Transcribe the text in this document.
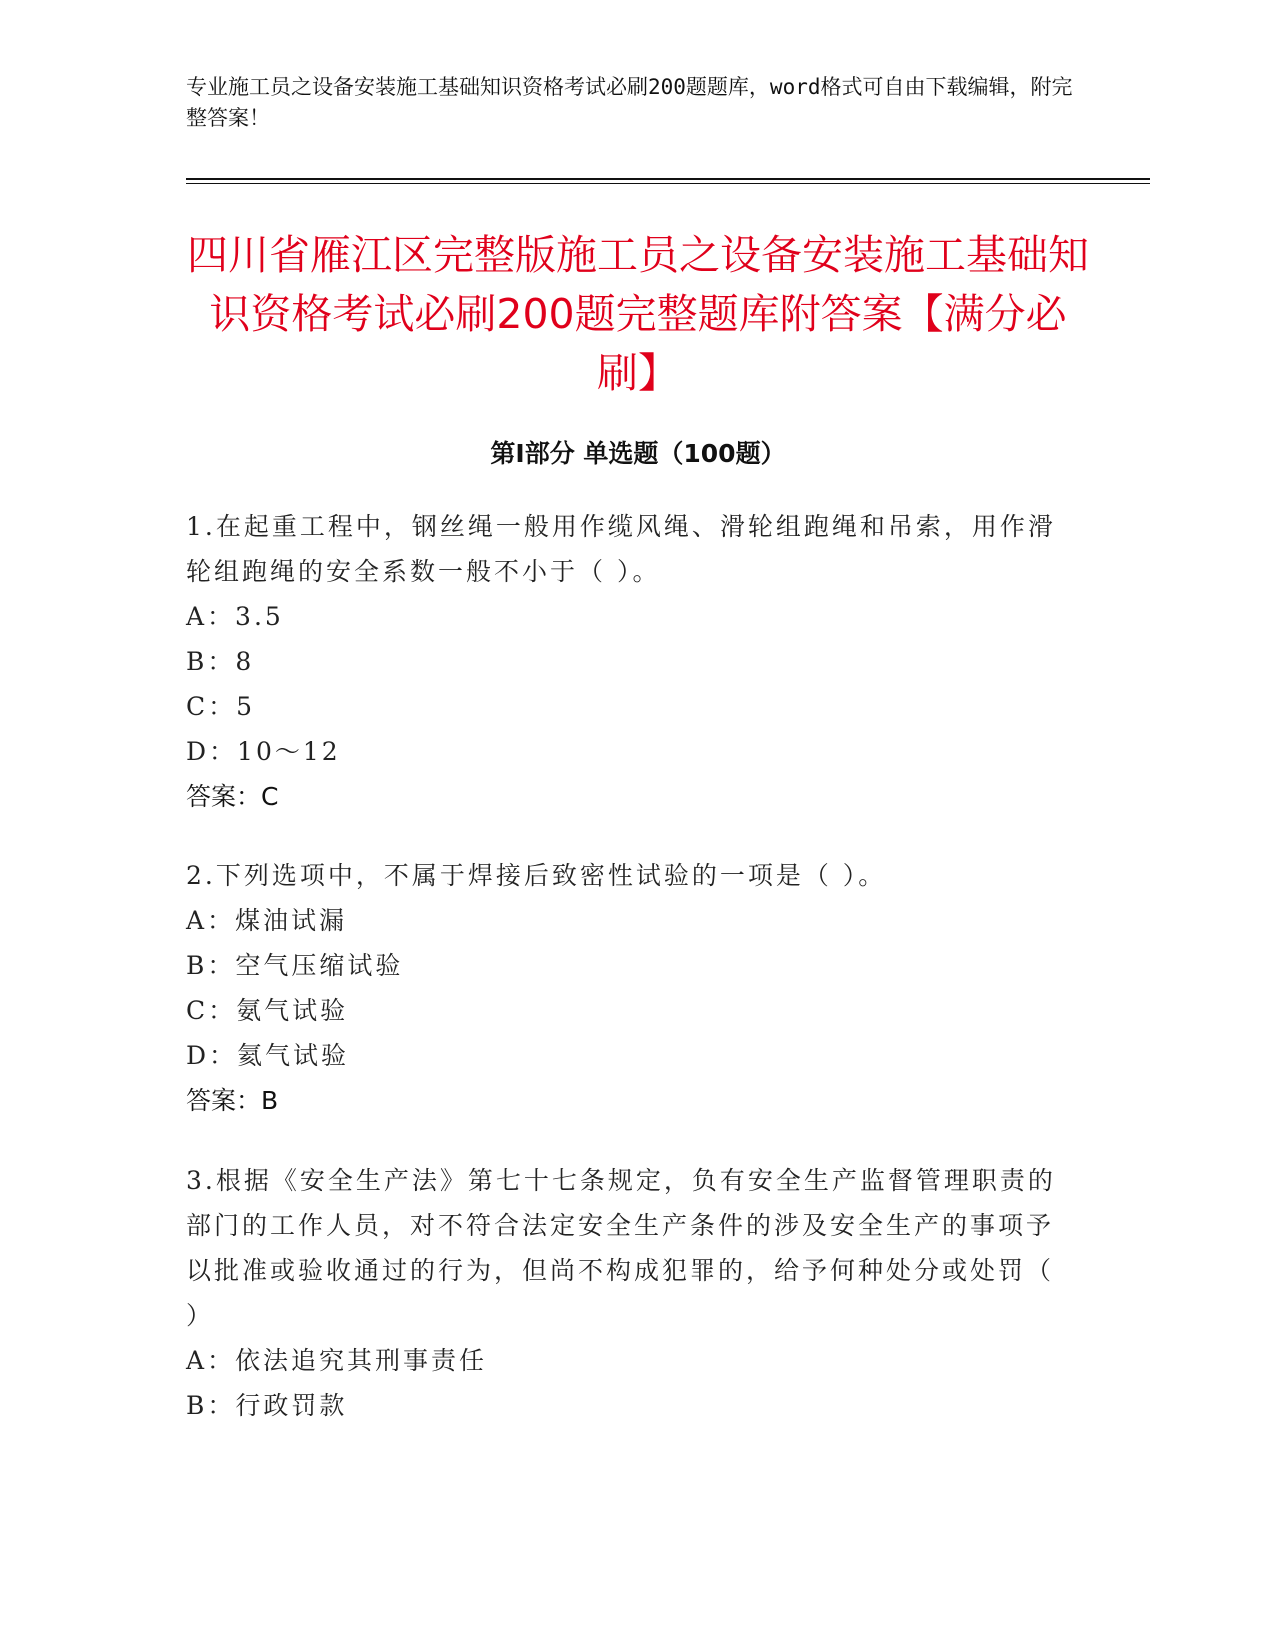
专业施工员之设备安装施工基础知识资格考试必刷200题题库，word格式可自由下载编辑，附完整答案！
四川省雁江区完整版施工员之设备安装施工基础知识资格考试必刷200题完整题库附答案【满分必刷】
第I部分 单选题（100题）

1.在起重工程中，钢丝绳一般用作缆风绳、滑轮组跑绳和吊索，用作滑轮组跑绳的安全系数一般不小于（ ）。

A：3.5

B：8

C：5

D：10～12

答案：C

2.下列选项中，不属于焊接后致密性试验的一项是（ ）。

A：煤油试漏

B：空气压缩试验

C：氨气试验

D：氦气试验

答案：B

3.根据《安全生产法》第七十七条规定，负有安全生产监督管理职责的部门的工作人员，对不符合法定安全生产条件的涉及安全生产的事项予以批准或验收通过的行为，但尚不构成犯罪的，给予何种处分或处罚（ ）

A：依法追究其刑事责任

B：行政罚款
